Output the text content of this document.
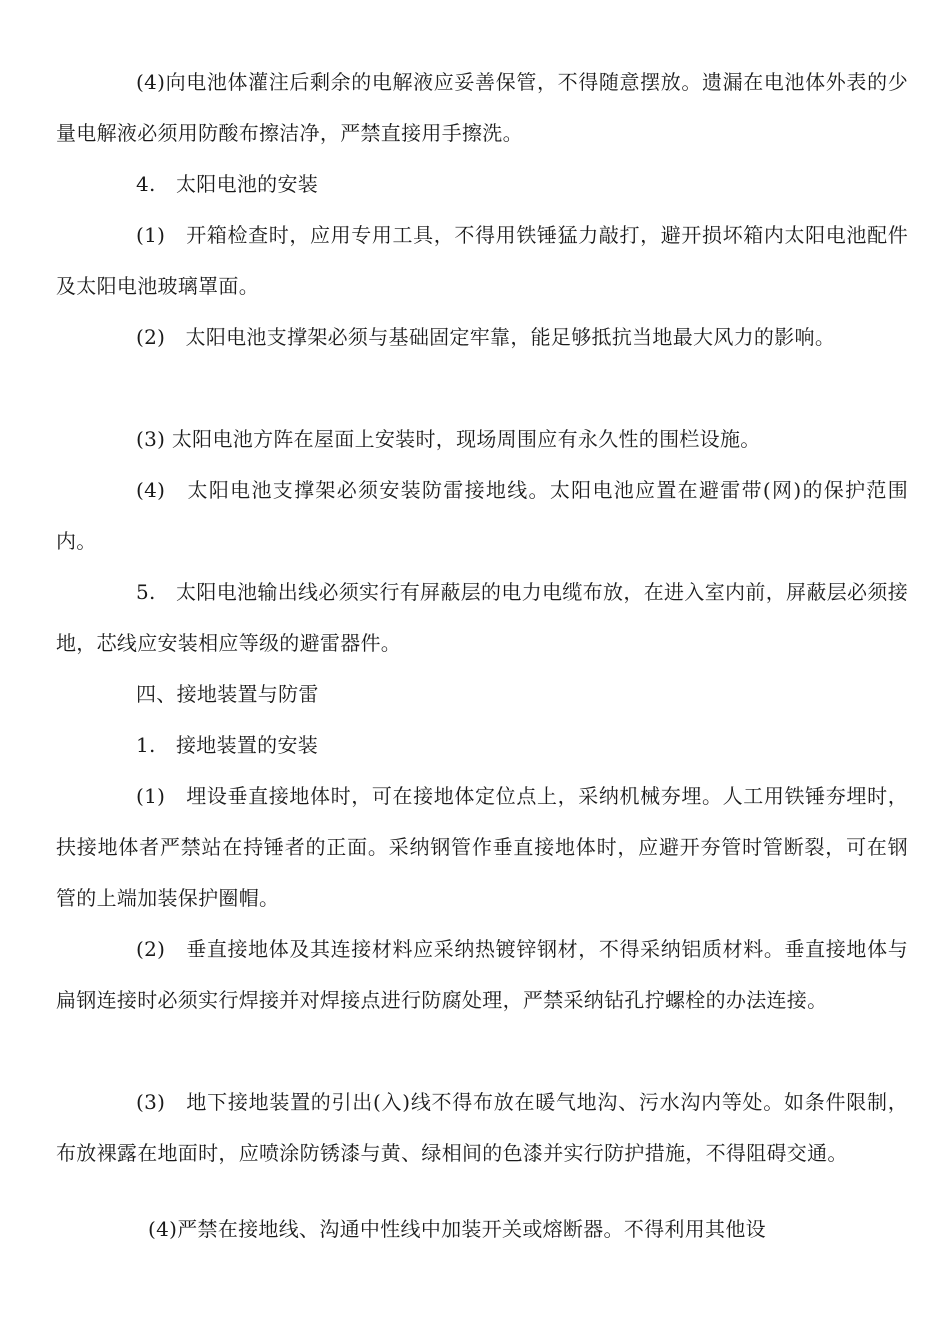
(4)向电池体灌注后剩余的电解液应妥善保管，不得随意摆放。遗漏在电池体外表的少量电解液必须用防酸布擦洁净，严禁直接用手擦洗。

4.　太阳电池的安装

(1)　开箱检查时，应用专用工具，不得用铁锤猛力敲打，避开损坏箱内太阳电池配件及太阳电池玻璃罩面。

(2)　太阳电池支撑架必须与基础固定牢靠，能足够抵抗当地最大风力的影响。

(3) 太阳电池方阵在屋面上安装时，现场周围应有永久性的围栏设施。

(4)　太阳电池支撑架必须安装防雷接地线。太阳电池应置在避雷带(网)的保护范围内。

5.　太阳电池输出线必须实行有屏蔽层的电力电缆布放，在进入室内前，屏蔽层必须接地，芯线应安装相应等级的避雷器件。

四、接地装置与防雷

1.　接地装置的安装

(1)　埋设垂直接地体时，可在接地体定位点上，采纳机械夯埋。人工用铁锤夯埋时，扶接地体者严禁站在持锤者的正面。采纳钢管作垂直接地体时，应避开夯管时管断裂，可在钢管的上端加装保护圈帽。

(2)　垂直接地体及其连接材料应采纳热镀锌钢材，不得采纳铝质材料。垂直接地体与扁钢连接时必须实行焊接并对焊接点进行防腐处理，严禁采纳钻孔拧螺栓的办法连接。

(3)　地下接地装置的引出(入)线不得布放在暖气地沟、污水沟内等处。如条件限制，布放裸露在地面时，应喷涂防锈漆与黄、绿相间的色漆并实行防护措施，不得阻碍交通。

(4)严禁在接地线、沟通中性线中加装开关或熔断器。不得利用其他设
